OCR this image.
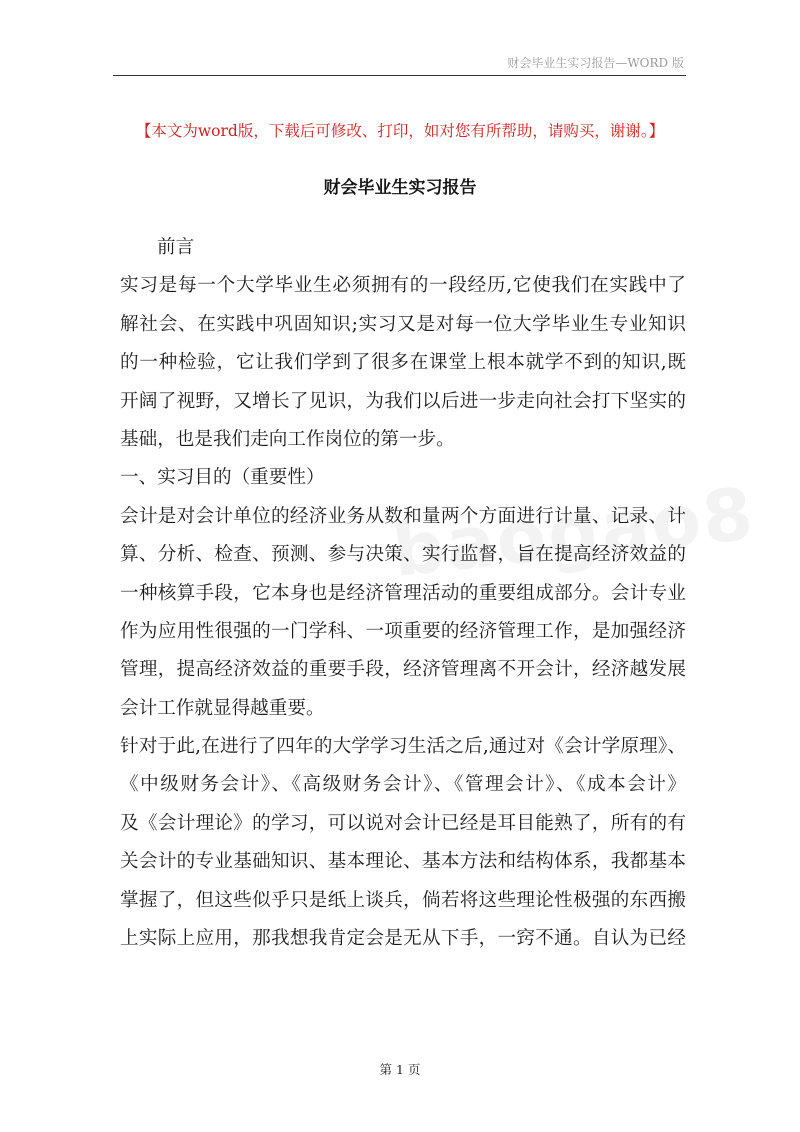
财会毕业生实习报告—WORD 版
【本文为word版，下载后可修改、打印，如对您有所帮助，请购买，谢谢。】
财会毕业生实习报告
前言
实习是每一个大学毕业生必须拥有的一段经历,它使我们在实践中了
解社会、在实践中巩固知识;实习又是对每一位大学毕业生专业知识
的一种检验，它让我们学到了很多在课堂上根本就学不到的知识,既
开阔了视野，又增长了见识，为我们以后进一步走向社会打下坚实的
基础，也是我们走向工作岗位的第一步。
一、实习目的（重要性）
会计是对会计单位的经济业务从数和量两个方面进行计量、记录、计
算、分析、检查、预测、参与决策、实行监督，旨在提高经济效益的
一种核算手段，它本身也是经济管理活动的重要组成部分。会计专业
作为应用性很强的一门学科、一项重要的经济管理工作，是加强经济
管理，提高经济效益的重要手段，经济管理离不开会计，经济越发展
会计工作就显得越重要。
针对于此,在进行了四年的大学学习生活之后,通过对《会计学原理》、
《中级财务会计》、《高级财务会计》、《管理会计》、《成本会计》
及《会计理论》的学习，可以说对会计已经是耳目能熟了，所有的有
关会计的专业基础知识、基本理论、基本方法和结构体系，我都基本
掌握了，但这些似乎只是纸上谈兵，倘若将这些理论性极强的东西搬
上实际上应用，那我想我肯定会是无从下手，一窍不通。自认为已经
第 1 页
